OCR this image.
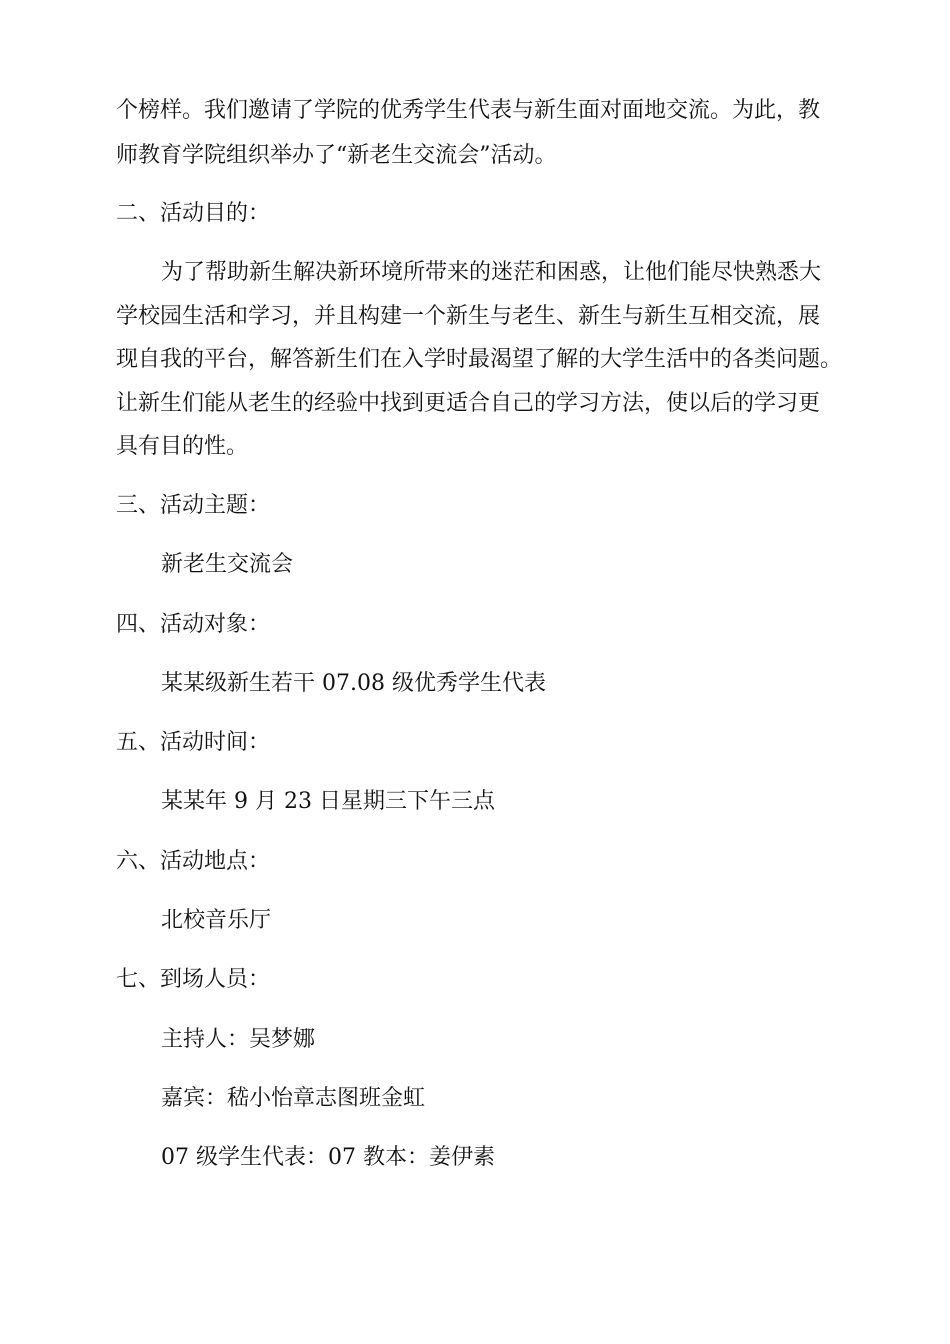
个榜样。我们邀请了学院的优秀学生代表与新生面对面地交流。为此，教

师教育学院组织举办了“新老生交流会”活动。

二、活动目的：

为了帮助新生解决新环境所带来的迷茫和困惑，让他们能尽快熟悉大

学校园生活和学习，并且构建一个新生与老生、新生与新生互相交流，展

现自我的平台，解答新生们在入学时最渴望了解的大学生活中的各类问题。

让新生们能从老生的经验中找到更适合自己的学习方法，使以后的学习更

具有目的性。

三、活动主题：

新老生交流会

四、活动对象：

某某级新生若干 07.08 级优秀学生代表

五、活动时间：

某某年 9 月 23 日星期三下午三点

六、活动地点：

北校音乐厅

七、到场人员：

主持人：吴梦娜

嘉宾：嵇小怡章志图班金虹

07 级学生代表：07 教本：姜伊素
